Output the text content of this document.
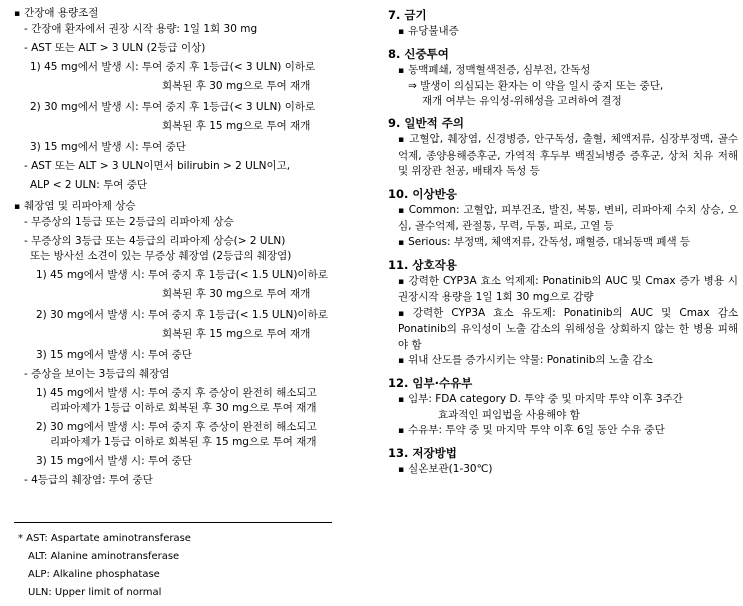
▪ 간장애 용량조절
- 간장애 환자에서 권장 시작 용량: 1일 1회 30 mg
- AST 또는 ALT > 3 ULN (2등급 이상)
1) 45 mg에서 발생 시: 투여 중지 후 1등급(< 3 ULN) 이하로
회복된 후 30 mg으로 투여 재개
2) 30 mg에서 발생 시: 투여 중지 후 1등급(< 3 ULN) 이하로
회복된 후 15 mg으로 투여 재개
3) 15 mg에서 발생 시: 투여 중단
- AST 또는 ALT > 3 ULN이면서 bilirubin > 2 ULN이고,
ALP < 2 ULN: 투여 중단
▪ 췌장염 및 리파아제 상승
- 무증상의 1등급 또는 2등급의 리파아제 상승
- 무증상의 3등급 또는 4등급의 리파아제 상승(> 2 ULN)
또는 방사선 소견이 있는 무증상 췌장염 (2등급의 췌장염)
1) 45 mg에서 발생 시: 투여 중지 후 1등급(< 1.5 ULN)이하로
회복된 후 30 mg으로 투여 재개
2) 30 mg에서 발생 시: 투여 중지 후 1등급(< 1.5 ULN)이하로
회복된 후 15 mg으로 투여 재개
3) 15 mg에서 발생 시: 투여 중단
- 증상을 보이는 3등급의 췌장염
1) 45 mg에서 발생 시: 투여 중지 후 증상이 완전히 해소되고
리파아제가 1등급 이하로 회복된 후 30 mg으로 투여 재개
2) 30 mg에서 발생 시: 투여 중지 후 증상이 완전히 해소되고
리파아제가 1등급 이하로 회복된 후 15 mg으로 투여 재개
3) 15 mg에서 발생 시: 투여 중단
- 4등급의 췌장염: 투여 중단
* AST: Aspartate aminotransferase
ALT: Alanine aminotransferase
ALP: Alkaline phosphatase
ULN: Upper limit of normal
7. 금기
▪ 유당불내증
8. 신중투여
▪ 동맥폐쇄, 정맥혈색전증, 심부전, 간독성
⇒ 발생이 의심되는 환자는 이 약을 일시 중지 또는 중단,
재개 여부는 유익성-위해성을 고려하여 결정
9. 일반적 주의
▪ 고혈압, 췌장염, 신경병증, 안구독성, 출혈, 체액저류, 심장부정맥, 골수억제, 종양용해증후군, 가역적 후두부 백질뇌병증 증후군, 상처 치유 저해 및 위장관 천공, 배태자 독성 등
10. 이상반응
▪ Common: 고혈압, 피부건조, 발진, 복통, 변비, 리파아제 수치 상승, 오심, 골수억제, 관절통, 무력, 두통, 피로, 고열 등
▪ Serious: 부정맥, 체액저류, 간독성, 패혈증, 대뇌동맥 폐색 등
11. 상호작용
▪ 강력한 CYP3A 효소 억제제: Ponatinib의 AUC 및 Cmax 증가 병용 시 권장시작 용량을 1일 1회 30 mg으로 감량
▪ 강력한 CYP3A 효소 유도제: Ponatinib의 AUC 및 Cmax 감소 Ponatinib의 유익성이 노출 감소의 위해성을 상회하지 않는 한 병용 피해야 함
▪ 위내 산도를 증가시키는 약물: Ponatinib의 노출 감소
12. 임부·수유부
▪ 임부: FDA category D. 투약 중 및 마지막 투약 이후 3주간
효과적인 피임법을 사용해야 함
▪ 수유부: 투약 중 및 마지막 투약 이후 6일 동안 수유 중단
13. 저장방법
▪ 실온보관(1-30℃)
